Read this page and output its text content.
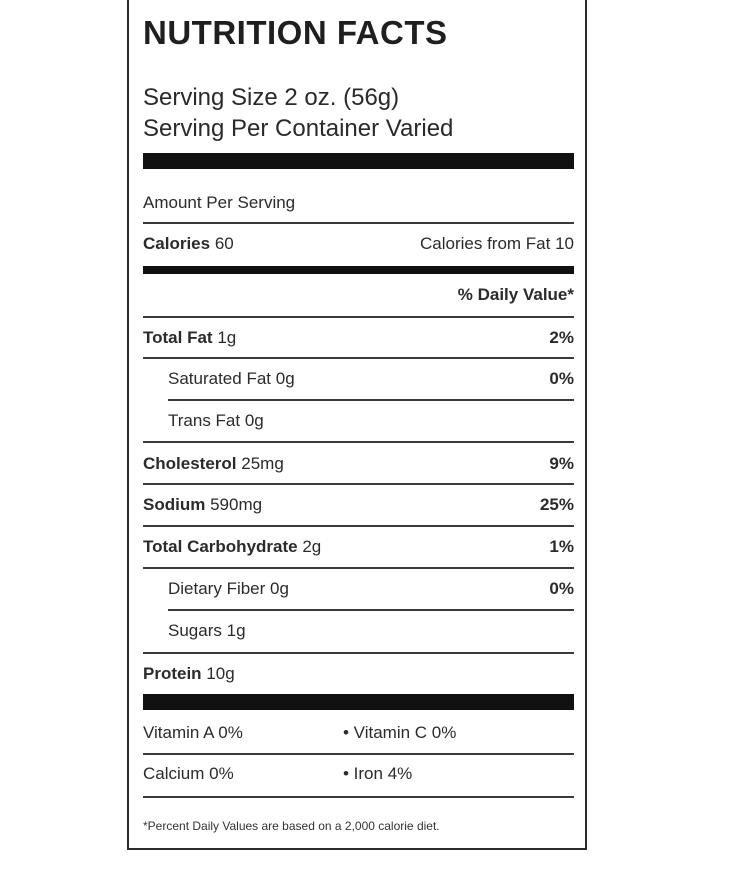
NUTRITION FACTS
Serving Size 2 oz. (56g)
Serving Per Container Varied
Amount Per Serving
Calories 60	Calories from Fat 10
% Daily Value*
Total Fat 1g	2%
Saturated Fat 0g	0%
Trans Fat 0g
Cholesterol 25mg	9%
Sodium 590mg	25%
Total Carbohydrate 2g	1%
Dietary Fiber 0g	0%
Sugars 1g
Protein 10g
Vitamin A 0%	• Vitamin C 0%
Calcium 0%	• Iron 4%
*Percent Daily Values are based on a 2,000 calorie diet.
